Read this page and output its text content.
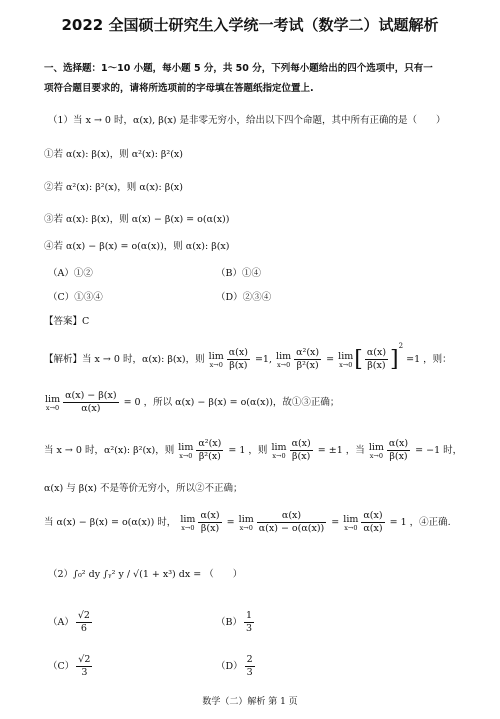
2022 全国硕士研究生入学统一考试（数学二）试题解析
一、选择题：1～10 小题，每小题 5 分，共 50 分，下列每小题给出的四个选项中，只有一
项符合题目要求的，请将所选项前的字母填在答题纸指定位置上.
（1）当 x → 0 时，α(x), β(x) 是非零无穷小，给出以下四个命题，其中所有正确的是（　　）
①若 α(x): β(x)，则 α²(x): β²(x)
②若 α²(x): β²(x)，则 α(x): β(x)
③若 α(x): β(x)，则 α(x) − β(x) = o(α(x))
④若 α(x) − β(x) = o(α(x))，则 α(x): β(x)
（A）①②	（B）①④
（C）①③④	（D）②③④
【答案】C
【解析】当 x → 0 时，α(x): β(x)，则 lim
$x\to 0 \frac{\alpha(x)}{\beta(x)} =1$, lim
$x\to 0 \frac{\text{α²(x)}}{\text{β²(x)}} = \lim$
x→0 [ $\frac{\alpha(x)}{\beta(x)} ]^2 =1$ ，则：
lim
$x\to 0 \frac{\alpha(x) - \beta(x)}{\alpha(x)} = 0$ ，所以 α(x) − β(x) = o(α(x))，故①③正确；
当 x → 0 时，α²(x): β²(x)，则 lim
$x\to 0 \frac{\text{α²(x)}}{\text{β²(x)}} = 1$ ，则 lim
$x\to 0 \frac{\alpha(x)}{\beta(x)} = \pm 1$ ，当 lim
$x\to 0 \frac{\alpha(x)}{\beta(x)} = -1$ 时，
α(x) 与 β(x) 不是等价无穷小，所以②不正确；
当 α(x) − β(x) = o(α(x)) 时， lim
$x\to 0 \frac{\alpha(x)}{\beta(x)} = \lim$
$x\to 0 \frac{\alpha(x)}{\alpha(x) - o(\alpha(x))} = \lim$
$x\to 0 \frac{\alpha(x)}{\alpha(x)} = 1$ ，④正确.
（2）∫₀² dy ∫ᵧ² y / √(1 + x³) dx = （　　）
$(A) \frac{√2}{6}$	$(B) \frac{1}{3}$
$(C) \frac{√2}{3}$	$(D) \frac{2}{3}$
数学（二）解析 第 1 页
